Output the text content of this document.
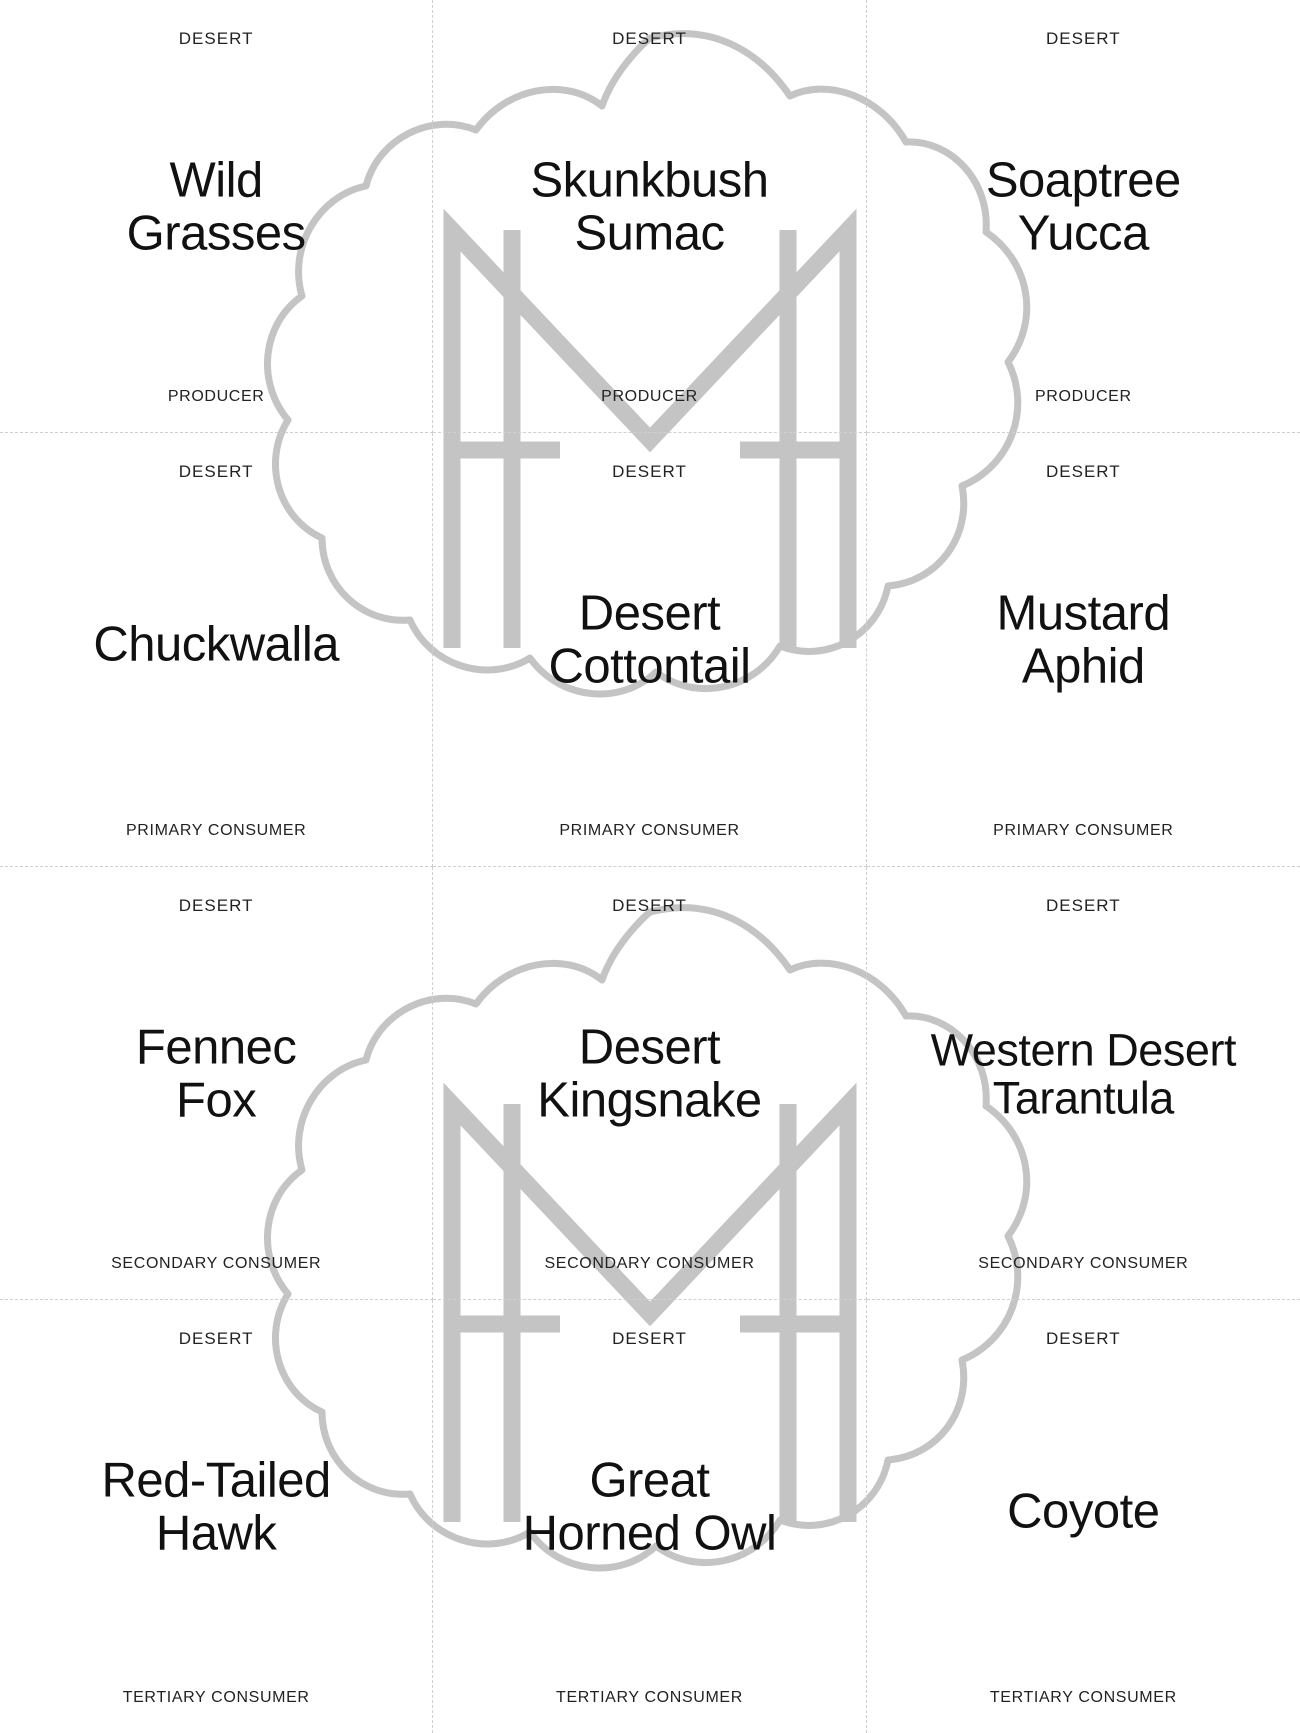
DESERT
Wild
Grasses
PRODUCER
DESERT
Skunkbush
Sumac
PRODUCER
DESERT
Soaptree
Yucca
PRODUCER
DESERT
Chuckwalla
PRIMARY CONSUMER
DESERT
Desert
Cottontail
PRIMARY CONSUMER
DESERT
Mustard
Aphid
PRIMARY CONSUMER
DESERT
Fennec
Fox
SECONDARY CONSUMER
DESERT
Desert
Kingsnake
SECONDARY CONSUMER
DESERT
Western Desert
Tarantula
SECONDARY CONSUMER
DESERT
Red-Tailed
Hawk
TERTIARY CONSUMER
DESERT
Great
Horned Owl
TERTIARY CONSUMER
DESERT
Coyote
TERTIARY CONSUMER
